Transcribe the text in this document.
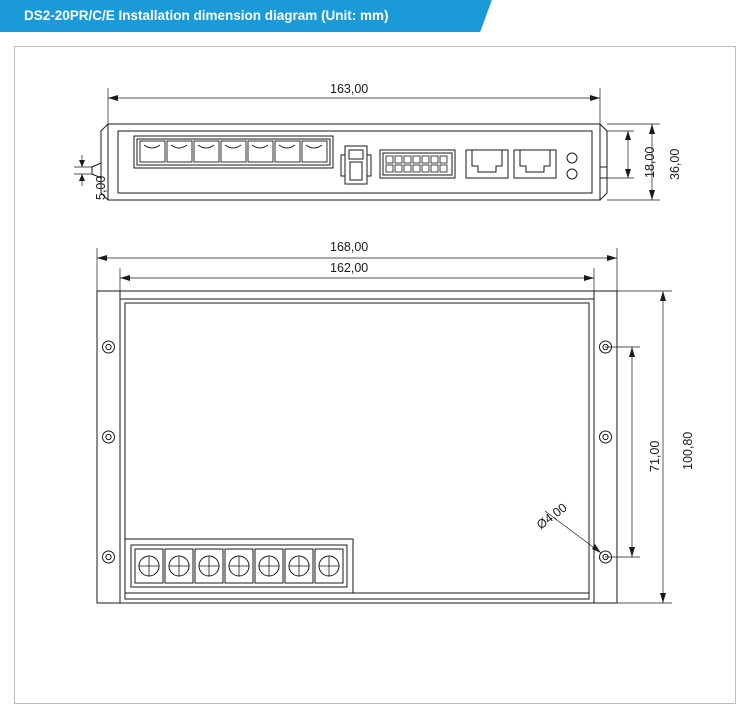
DS2-20PR/C/E Installation dimension diagram (Unit: mm)
163,00
36,00
18,00
5,00
168,00
162,00
100,80
71,00
Ø4,00
